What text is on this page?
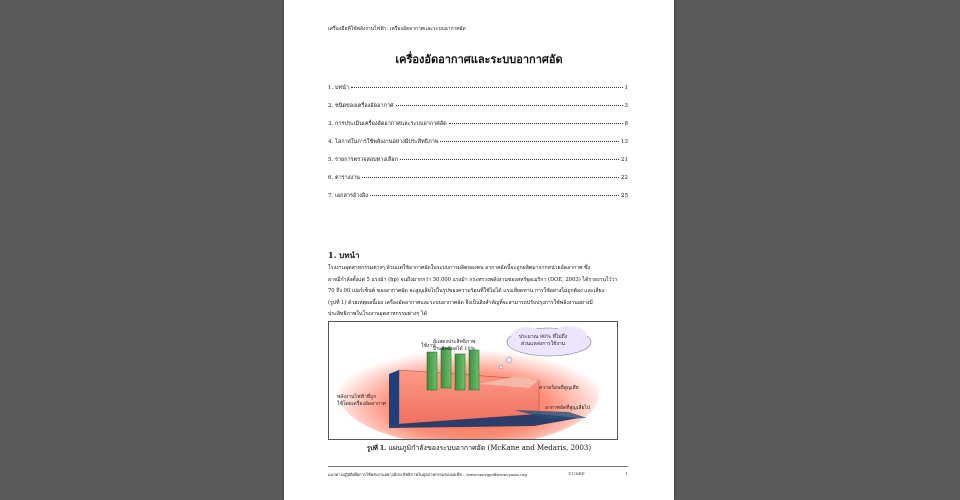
เครื่องมือที่ใช้พลังงานไฟฟ้า: เครื่องอัดอากาศและระบบอากาศอัด
เครื่องอัดอากาศและระบบอากาศอัด
1. บทนำ	1
2. ชนิดของเครื่องอัดอากาศ	3
3. การประเมินเครื่องอัดอากาศและระบบอากาศอัด	8
4. โอกาสในการใช้พลังงานอย่างมีประสิทธิภาพ	13
5. รายการตรวจสอบทางเลือก	21
6. ตารางงาน	22
7. เอกสารอ้างอิง	25
1. บทนำ

โรงงานอุตสาหกรรมต่างๆ ล้วนแต่ใช้อากาศอัดในระบบการผลิตของตน อากาศอัดนี้จะถูกผลิตมาจากหน่วยอัดอากาศ ซึ่ง
อาจมีกำลังตั้งแต่ 5 แรงม้า (hp) จนถึงมากกว่า 50,000 แรงม้า กระทรวงพลังงานของสหรัฐอเมริกา (DOE, 2003) ได้รายงานไว้ว่า
70 ถึง 90 เปอร์เซ็นต์ ของอากาศอัด จะสูญเสียไปในรูปของความร้อนที่ใช้ไม่ได้ แรงเสียดทาน การใช้อย่างไม่ถูกต้อง และเสียง
(รูปที่ 1) ด้วยเหตุผลนี้เอง เครื่องอัดอากาศและระบบอากาศอัด จึงเป็นสิ่งสำคัญที่จะสามารถปรับปรุงการใช้พลังงานอย่างมี
ประสิทธิภาพในโรงงานอุตสาหกรรมต่างๆ ได้

พลังงานไฟฟ้าที่ถูก
ใช้โดยเครื่องอัดอากาศ
ใช้งาน
ผู้แสดงประสิทธิภาพ
ประสิทธิผลได้ 10%
ประมาณ 90% ที่ไม่ถึง
ส่วนแหล่งการใช้งาน
ความร้อนที่สูญเสีย
อากาศอัดที่สูญเสียไป
รูปที่ 1. แผนภูมิกำลังของระบบอากาศอัด (McKane and Medaris, 2003)
แนวทางปฏิบัติเพื่อการใช้พลังงานอย่างมีประสิทธิภาพในอุตสาหกรรมของเอเชีย – www.energyefficiencyasia.org	©UNEP	1
